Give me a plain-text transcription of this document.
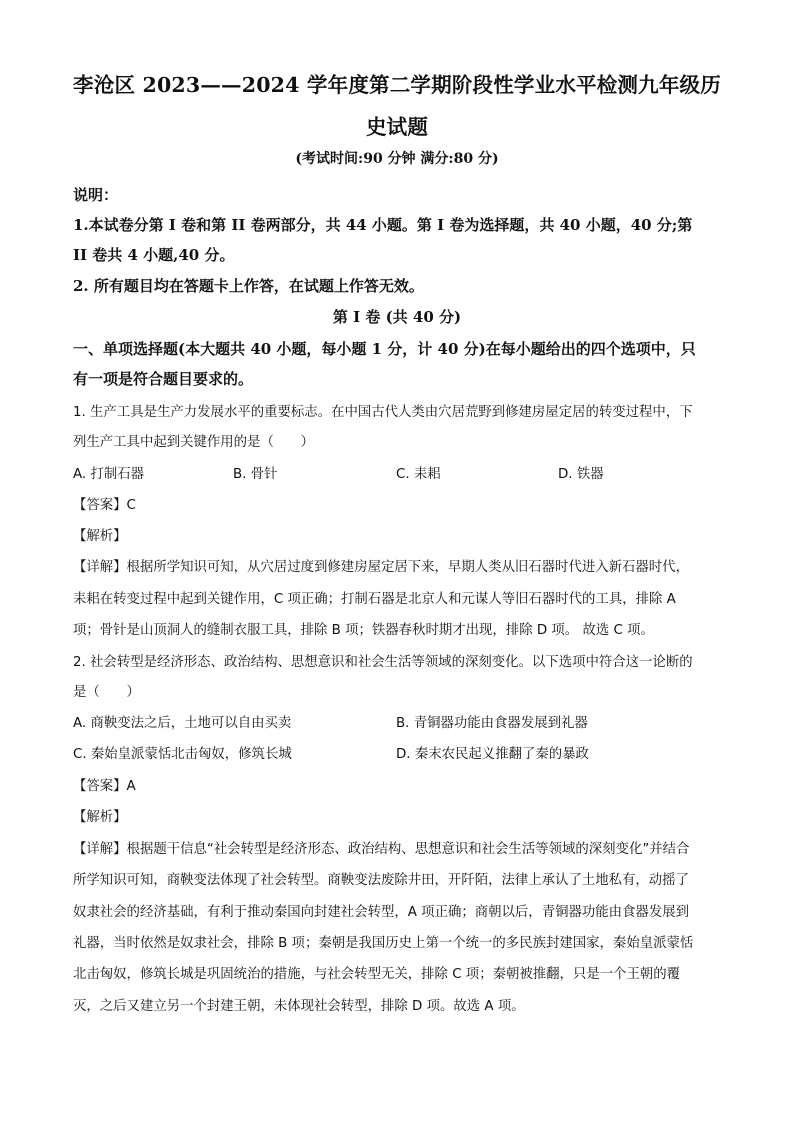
李沧区 2023——2024 学年度第二学期阶段性学业水平检测九年级历
史试题
(考试时间:90 分钟 满分:80 分)
说明：
1.本试卷分第 I 卷和第 II 卷两部分，共 44 小题。第 I 卷为选择题，共 40 小题，40 分;第
II 卷共 4 小题,40 分。
2. 所有题目均在答题卡上作答，在试题上作答无效。
第 I 卷 (共 40 分)
一、单项选择题(本大题共 40 小题，每小题 1 分，计 40 分)在每小题给出的四个选项中，只
有一项是符合题目要求的。
1. 生产工具是生产力发展水平的重要标志。在中国古代人类由穴居荒野到修建房屋定居的转变过程中，下
列生产工具中起到关键作用的是（　　）
A. 打制石器	B. 骨针	C. 耒耜	D. 铁器
【答案】C
【解析】
【详解】根据所学知识可知，从穴居过度到修建房屋定居下来，早期人类从旧石器时代进入新石器时代，
耒耜在转变过程中起到关键作用，C 项正确；打制石器是北京人和元谋人等旧石器时代的工具，排除 A
项；骨针是山顶洞人的缝制衣服工具，排除 B 项；铁器春秋时期才出现，排除 D 项。 故选 C 项。
2. 社会转型是经济形态、政治结构、思想意识和社会生活等领域的深刻变化。以下选项中符合这一论断的
是（　　）
A. 商鞅变法之后，土地可以自由买卖	B. 青铜器功能由食器发展到礼器
C. 秦始皇派蒙恬北击匈奴，修筑长城	D. 秦末农民起义推翻了秦的暴政
【答案】A
【解析】
【详解】根据题干信息“社会转型是经济形态、政治结构、思想意识和社会生活等领域的深刻变化”并结合
所学知识可知，商鞅变法体现了社会转型。商鞅变法废除井田，开阡陌，法律上承认了土地私有，动摇了
奴隶社会的经济基础，有利于推动秦国向封建社会转型，A 项正确；商朝以后，青铜器功能由食器发展到
礼器，当时依然是奴隶社会，排除 B 项；秦朝是我国历史上第一个统一的多民族封建国家，秦始皇派蒙恬
北击匈奴，修筑长城是巩固统治的措施，与社会转型无关，排除 C 项；秦朝被推翻，只是一个王朝的覆
灭，之后又建立另一个封建王朝，未体现社会转型，排除 D 项。故选 A 项。
